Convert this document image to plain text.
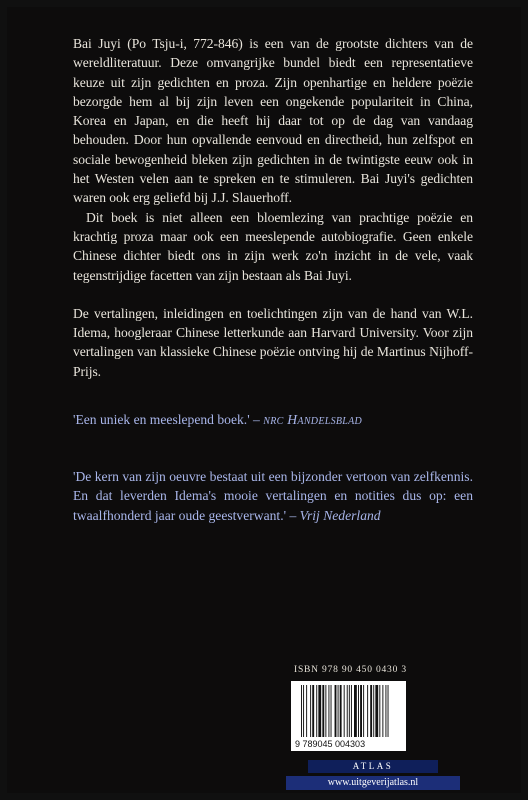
Bai Juyi (Po Tsju-i, 772-846) is een van de grootste dichters van de wereldliteratuur. Deze omvangrijke bundel biedt een representatieve keuze uit zijn gedichten en proza. Zijn openhartige en heldere poëzie bezorgde hem al bij zijn leven een ongekende populariteit in China, Korea en Japan, en die heeft hij daar tot op de dag van vandaag behouden. Door hun opvallende eenvoud en directheid, hun zelfspot en sociale bewogenheid bleken zijn gedichten in de twintigste eeuw ook in het Westen velen aan te spreken en te stimuleren. Bai Juyi's gedichten waren ook erg geliefd bij J.J. Slauerhoff.

Dit boek is niet alleen een bloemlezing van prachtige poëzie en krachtig proza maar ook een meeslepende autobiografie. Geen enkele Chinese dichter biedt ons in zijn werk zo'n inzicht in de vele, vaak tegenstrijdige facetten van zijn bestaan als Bai Juyi.

De vertalingen, inleidingen en toelichtingen zijn van de hand van W.L. Idema, hoogleraar Chinese letterkunde aan Harvard University. Voor zijn vertalingen van klassieke Chinese poëzie ontving hij de Martinus Nijhoff-Prijs.

'Een uniek en meeslepend boek.' – nrc Handelsblad
'De kern van zijn oeuvre bestaat uit een bijzonder vertoon van zelfkennis. En dat leverden Idema's mooie vertalingen en notities dus op: een twaalfhonderd jaar oude geestverwant.' – Vrij Nederland
ISBN 978 90 450 0430 3
9 789045 004303
ATLAS
www.uitgeverijatlas.nl
